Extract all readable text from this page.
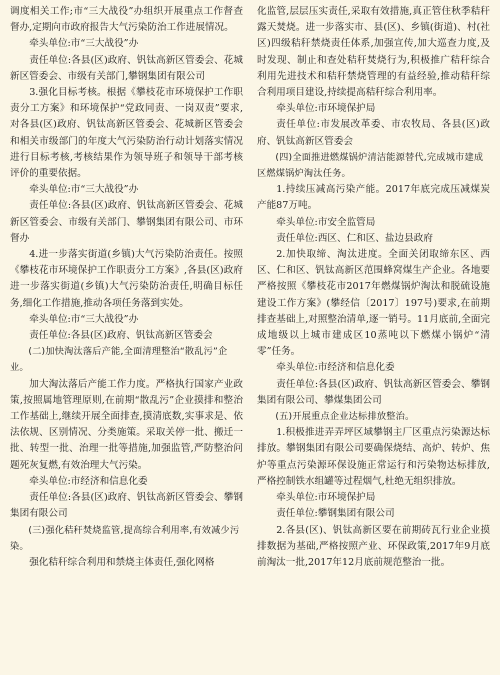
调度相关工作;市“三大战役”办组织开展重点工作督查督办,定期向市政府报告大气污染防治工作进展情况。

牵头单位:市“三大战役”办

责任单位:各县(区)政府、钒钛高新区管委会、花城新区管委会、市级有关部门,攀钢集团有限公司

3.强化目标考核。根据《攀枝花市环境保护工作职责分工方案》和环境保护“党政同责、一岗双责”要求,对各县(区)政府、钒钛高新区管委会、花城新区管委会和相关市级部门的年度大气污染防治行动计划落实情况进行目标考核,考核结果作为领导班子和领导干部考核评价的重要依据。

牵头单位:市“三大战役”办

责任单位:各县(区)政府、钒钛高新区管委会、花城新区管委会、市级有关部门、攀钢集团有限公司、市环督办

4.进一步落实街道(乡镇)大气污染防治责任。按照《攀枝花市环境保护工作职责分工方案》,各县(区)政府进一步落实街道(乡镇)大气污染防治责任,明确目标任务,细化工作措施,推动各项任务落到实处。

牵头单位:市“三大战役”办

责任单位:各县(区)政府、钒钛高新区管委会

(二)加快淘汰落后产能,全面清理整治“散乱污”企业。

加大淘汰落后产能工作力度。严格执行国家产业政策,按照属地管理原则,在前期“散乱污”企业摸排和整治工作基础上,继续开展全面排查,摸清底数,实事求是、依法依规、区别情况、分类施策。采取关停一批、搬迁一批、转型一批、治理一批等措施,加强监管,严防整治问题死灰复燃,有效治理大气污染。

牵头单位:市经济和信息化委

责任单位:各县(区)政府、钒钛高新区管委会、攀钢集团有限公司

(三)强化秸秆焚烧监管,提高综合利用率,有效减少污染。

强化秸秆综合利用和禁烧主体责任,强化网格

化监管,层层压实责任,采取有效措施,真正管住秋季秸秆露天焚烧。进一步落实市、县(区)、乡镇(街道)、村(社区)四级秸秆禁烧责任体系,加强宣传,加大巡查力度,及时发现、制止和查处秸秆焚烧行为,积极推广秸秆综合利用先进技术和秸秆禁烧管理的有益经验,推动秸秆综合利用项目建设,持续提高秸秆综合利用率。

牵头单位:市环境保护局

责任单位:市发展改革委、市农牧局、各县(区)政府、钒钛高新区管委会

(四)全面推进燃煤锅炉清洁能源替代,完成城市建成区燃煤锅炉淘汰任务。

1.持续压减高污染产能。2017年底完成压减煤炭产能87万吨。

牵头单位:市安全监管局

责任单位:西区、仁和区、盐边县政府

2.加快取缔、淘汰进度。全面关闭取缔东区、西区、仁和区、钒钛高新区范围蜂窝煤生产企业。各地要严格按照《攀枝花市2017年燃煤锅炉淘汰和脱硫设施建设工作方案》(攀经信〔2017〕197号)要求,在前期排查基础上,对照整治清单,逐一销号。11月底前,全面完成地级以上城市建成区10蒸吨以下燃煤小锅炉“清零”任务。

牵头单位:市经济和信息化委

责任单位:各县(区)政府、钒钛高新区管委会、攀钢集团有限公司、攀煤集团公司

(五)开展重点企业达标排放整治。

1.积极推进弄弄坪区域攀钢主厂区重点污染源达标排放。攀钢集团有限公司要确保烧结、高炉、转炉、焦炉等重点污染源环保设施正常运行和污染物达标排放,严格控制铁水组罐等过程烟气,杜绝无组织排放。

牵头单位:市环境保护局

责任单位:攀钢集团有限公司

2.各县(区)、钒钛高新区要在前期砖瓦行业企业摸排数据为基础,严格按照产业、环保政策,2017年9月底前淘汰一批,2017年12月底前规范整治一批。
